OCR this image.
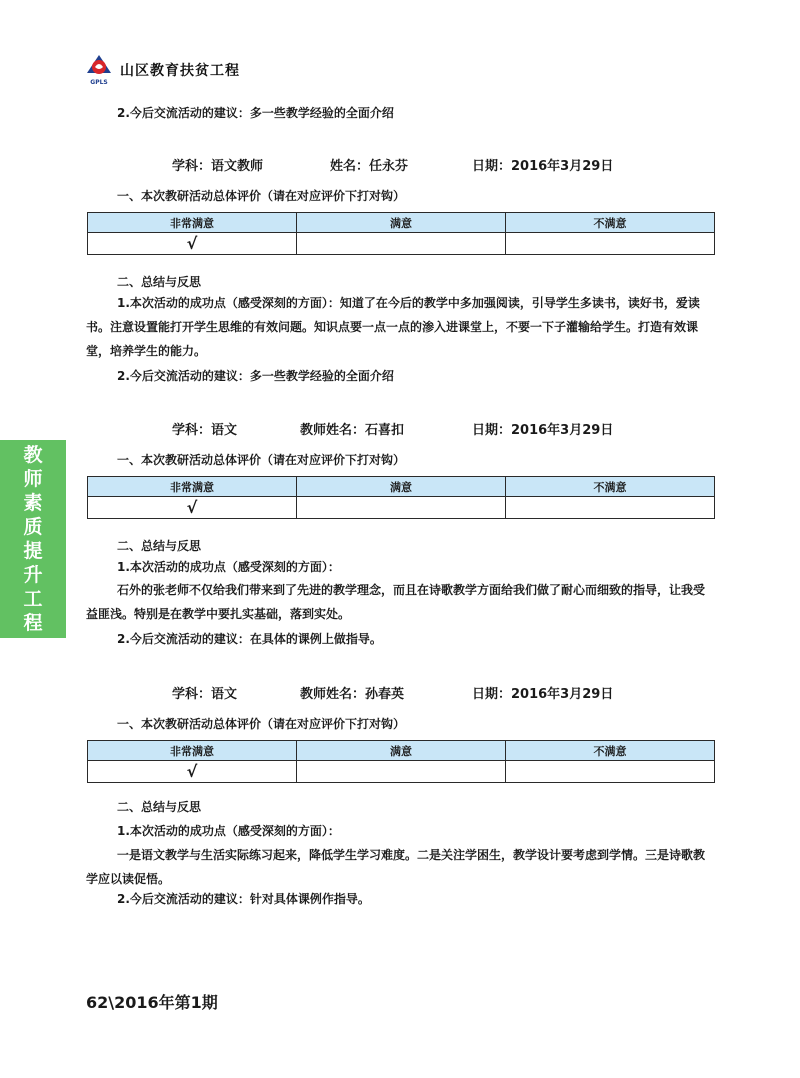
GPLS
山区教育扶贫工程
2.今后交流活动的建议：多一些教学经验的全面介绍
教
师
素
质
提
升
工
程
学科：语文教师	姓名：任永芬	日期：2016年3月29日
一、本次教研活动总体评价（请在对应评价下打对钩）
非常满意	满意	不满意
√		
二、总结与反思
1.本次活动的成功点（感受深刻的方面）：知道了在今后的教学中多加强阅读，引导学生多读书，读好书，爱读书。注意设置能打开学生思维的有效问题。知识点要一点一点的渗入进课堂上，不要一下子灌输给学生。打造有效课堂，培养学生的能力。
2.今后交流活动的建议：多一些教学经验的全面介绍
学科：语文	教师姓名：石喜扣	日期：2016年3月29日
一、本次教研活动总体评价（请在对应评价下打对钩）
非常满意	满意	不满意
√		
二、总结与反思
1.本次活动的成功点（感受深刻的方面）：
石外的张老师不仅给我们带来到了先进的教学理念，而且在诗歌教学方面给我们做了耐心而细致的指导，让我受益匪浅。特别是在教学中要扎实基础，落到实处。
2.今后交流活动的建议：在具体的课例上做指导。
学科：语文	教师姓名：孙春英	日期：2016年3月29日
一、本次教研活动总体评价（请在对应评价下打对钩）
非常满意	满意	不满意
√		
二、总结与反思
1.本次活动的成功点（感受深刻的方面）：
一是语文教学与生活实际练习起来，降低学生学习难度。二是关注学困生，教学设计要考虑到学情。三是诗歌教学应以读促悟。
2.今后交流活动的建议：针对具体课例作指导。
62\2016年第1期
